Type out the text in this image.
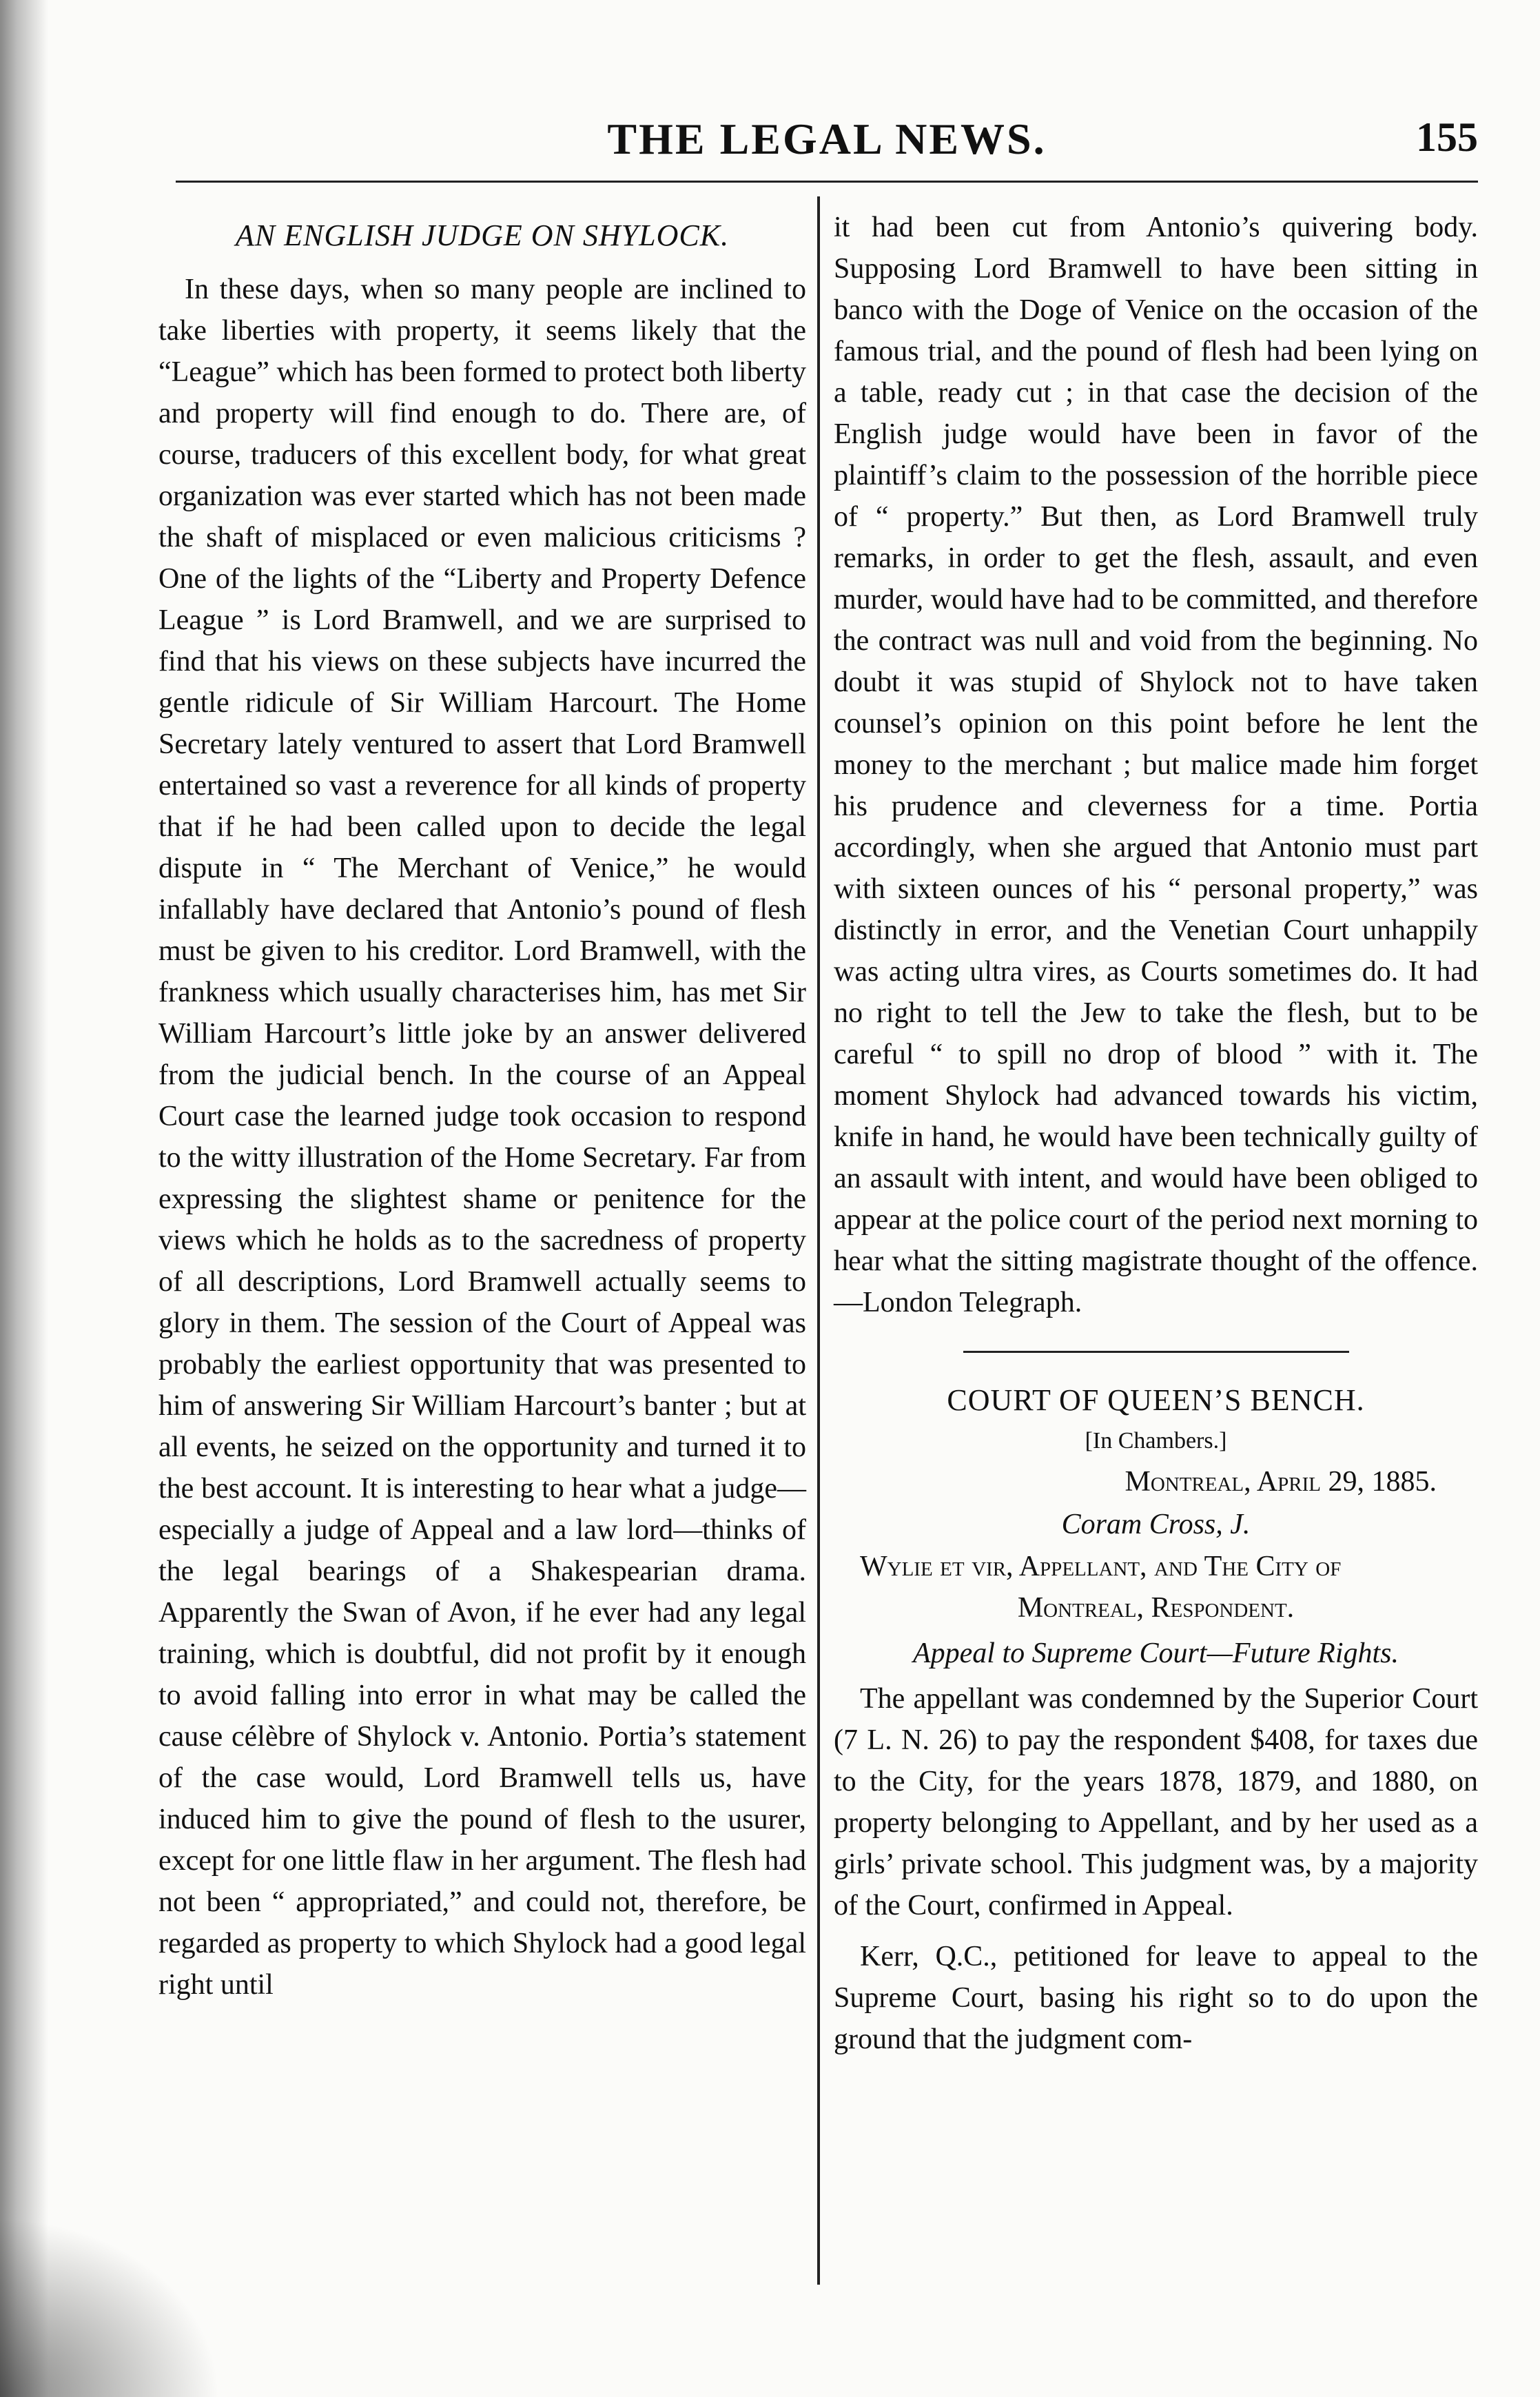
THE LEGAL NEWS.	155
AN ENGLISH JUDGE ON SHYLOCK.

In these days, when so many people are inclined to take liberties with property, it seems likely that the “League” which has been formed to protect both liberty and property will find enough to do. There are, of course, traducers of this excellent body, for what great organization was ever started which has not been made the shaft of misplaced or even malicious criticisms ? One of the lights of the “Liberty and Property Defence League ” is Lord Bramwell, and we are surprised to find that his views on these subjects have incurred the gentle ridicule of Sir William Harcourt. The Home Secretary lately ventured to assert that Lord Bramwell entertained so vast a reverence for all kinds of property that if he had been called upon to decide the legal dispute in “ The Merchant of Venice,” he would infallably have declared that Antonio’s pound of flesh must be given to his creditor. Lord Bramwell, with the frankness which usually characterises him, has met Sir William Harcourt’s little joke by an answer delivered from the judicial bench. In the course of an Appeal Court case the learned judge took occasion to respond to the witty illustration of the Home Secretary. Far from expressing the slightest shame or penitence for the views which he holds as to the sacredness of property of all descriptions, Lord Bramwell actually seems to glory in them. The session of the Court of Appeal was probably the earliest opportunity that was presented to him of answering Sir William Harcourt’s banter ; but at all events, he seized on the opportunity and turned it to the best account. It is interesting to hear what a judge—especially a judge of Appeal and a law lord—thinks of the legal bearings of a Shakespearian drama. Apparently the Swan of Avon, if he ever had any legal training, which is doubtful, did not profit by it enough to avoid falling into error in what may be called the cause célèbre of Shylock v. Antonio. Portia’s statement of the case would, Lord Bramwell tells us, have induced him to give the pound of flesh to the usurer, except for one little flaw in her argument. The flesh had not been “ appropriated,” and could not, therefore, be regarded as property to which Shylock had a good legal right until

it had been cut from Antonio’s quivering body. Supposing Lord Bramwell to have been sitting in banco with the Doge of Venice on the occasion of the famous trial, and the pound of flesh had been lying on a table, ready cut ; in that case the decision of the English judge would have been in favor of the plaintiff’s claim to the possession of the horrible piece of “ property.” But then, as Lord Bramwell truly remarks, in order to get the flesh, assault, and even murder, would have had to be committed, and therefore the contract was null and void from the beginning. No doubt it was stupid of Shylock not to have taken counsel’s opinion on this point before he lent the money to the merchant ; but malice made him forget his prudence and cleverness for a time. Portia accordingly, when she argued that Antonio must part with sixteen ounces of his “ personal property,” was distinctly in error, and the Venetian Court unhappily was acting ultra vires, as Courts sometimes do. It had no right to tell the Jew to take the flesh, but to be careful “ to spill no drop of blood ” with it. The moment Shylock had advanced towards his victim, knife in hand, he would have been technically guilty of an assault with intent, and would have been obliged to appear at the police court of the period next morning to hear what the sitting magistrate thought of the offence.—London Telegraph.

COURT OF QUEEN’S BENCH.
[In Chambers.]
Montreal, April 29, 1885.
Coram Cross, J.
Wylie et vir, Appellant, and The City of
Montreal, Respondent.
Appeal to Supreme Court—Future Rights.

The appellant was condemned by the Superior Court (7 L. N. 26) to pay the respondent $408, for taxes due to the City, for the years 1878, 1879, and 1880, on property belonging to Appellant, and by her used as a girls’ private school. This judgment was, by a majority of the Court, confirmed in Appeal.

Kerr, Q.C., petitioned for leave to appeal to the Supreme Court, basing his right so to do upon the ground that the judgment com-
